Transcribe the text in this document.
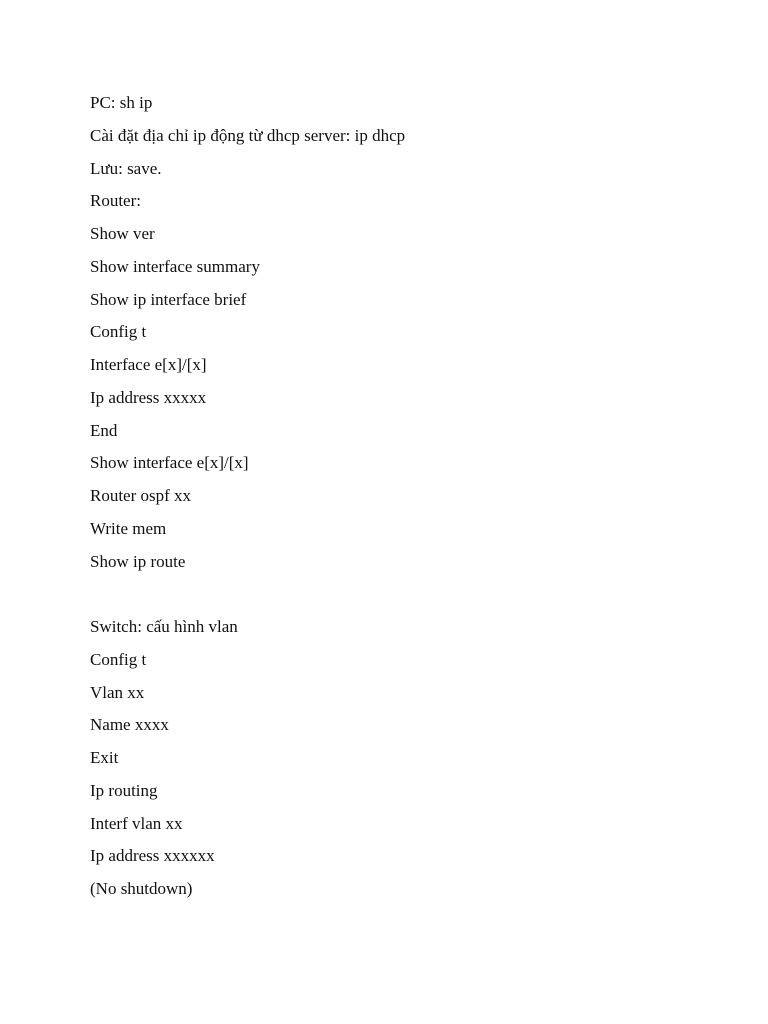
PC: sh ip
Cài đặt địa chỉ ip động từ dhcp server: ip dhcp
Lưu: save.
Router:
Show ver
Show interface summary
Show ip interface brief
Config t
Interface e[x]/[x]
Ip address xxxxx
End
Show interface e[x]/[x]
Router ospf xx
Write mem
Show ip route
Switch: cấu hình vlan
Config t
Vlan xx
Name xxxx
Exit
Ip routing
Interf vlan xx
Ip address xxxxxx
(No shutdown)
